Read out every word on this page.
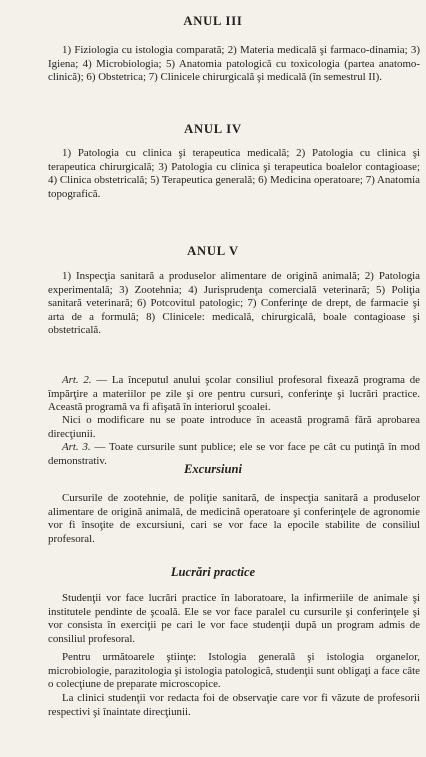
ANUL III

1) Fiziologia cu istologia comparată; 2) Materia medicală şi farmaco-dinamia; 3) Igiena; 4) Microbiologia; 5) Anatomia patologică cu toxicologia (partea anatomo-clinică); 6) Obstetrica; 7) Clinicele chirurgicală şi medicală (în semestrul II).

ANUL IV

1) Patologia cu clinica şi terapeutica medicală; 2) Patologia cu clinica şi terapeutica chirurgicală; 3) Patologia cu clinica şi terapeutica boalelor contagioase; 4) Clinica obstetricală; 5) Terapeutica generală; 6) Medicina operatoare; 7) Anatomia topografică.

ANUL V

1) Inspecţia sanitară a produselor alimentare de origină animală; 2) Patologia experimentală; 3) Zootehnia; 4) Jurisprudenţa comercială veterinară; 5) Poliţia sanitară veterinară; 6) Potcovitul patologic; 7) Conferinţe de drept, de farmacie şi arta de a formulă; 8) Clinicele: medicală, chirurgicală, boale contagioase şi obstetricală.

Art. 2. — La începutul anului şcolar consiliul profesoral fixează programa de împărţire a materiilor pe zile şi ore pentru cursuri, conferinţe şi lucrări practice. Această programă va fi afişată în interiorul şcoalei.

Nici o modificare nu se poate introduce în această programă fără aprobarea direcţiunii.

Art. 3. — Toate cursurile sunt publice; ele se vor face pe cât cu putinţă în mod demonstrativ.

Excursiuni

Cursurile de zootehnie, de poliţie sanitară, de inspecţia sanitară a produselor alimentare de origină animală, de medicină operatoare şi conferinţele de agronomie vor fi însoţite de excursiuni, cari se vor face la epocile stabilite de consiliul profesoral.

Lucrări practice

Studenţii vor face lucrări practice în laboratoare, la infirmeriile de animale şi institutele pendinte de şcoală. Ele se vor face paralel cu cursurile şi conferinţele şi vor consista în exerciţii pe cari le vor face studenţii după un program admis de consiliul profesoral.

Pentru următoarele ştiinţe: Istologia generală şi istologia organelor, microbiologie, parazitologia şi istologia patologică, studenţii sunt obligaţi a face câte o colecţiune de preparate microscopice.

La clinici studenţii vor redacta foi de observaţie care vor fi văzute de profesorii respectivi şi înaintate direcţiunii.
